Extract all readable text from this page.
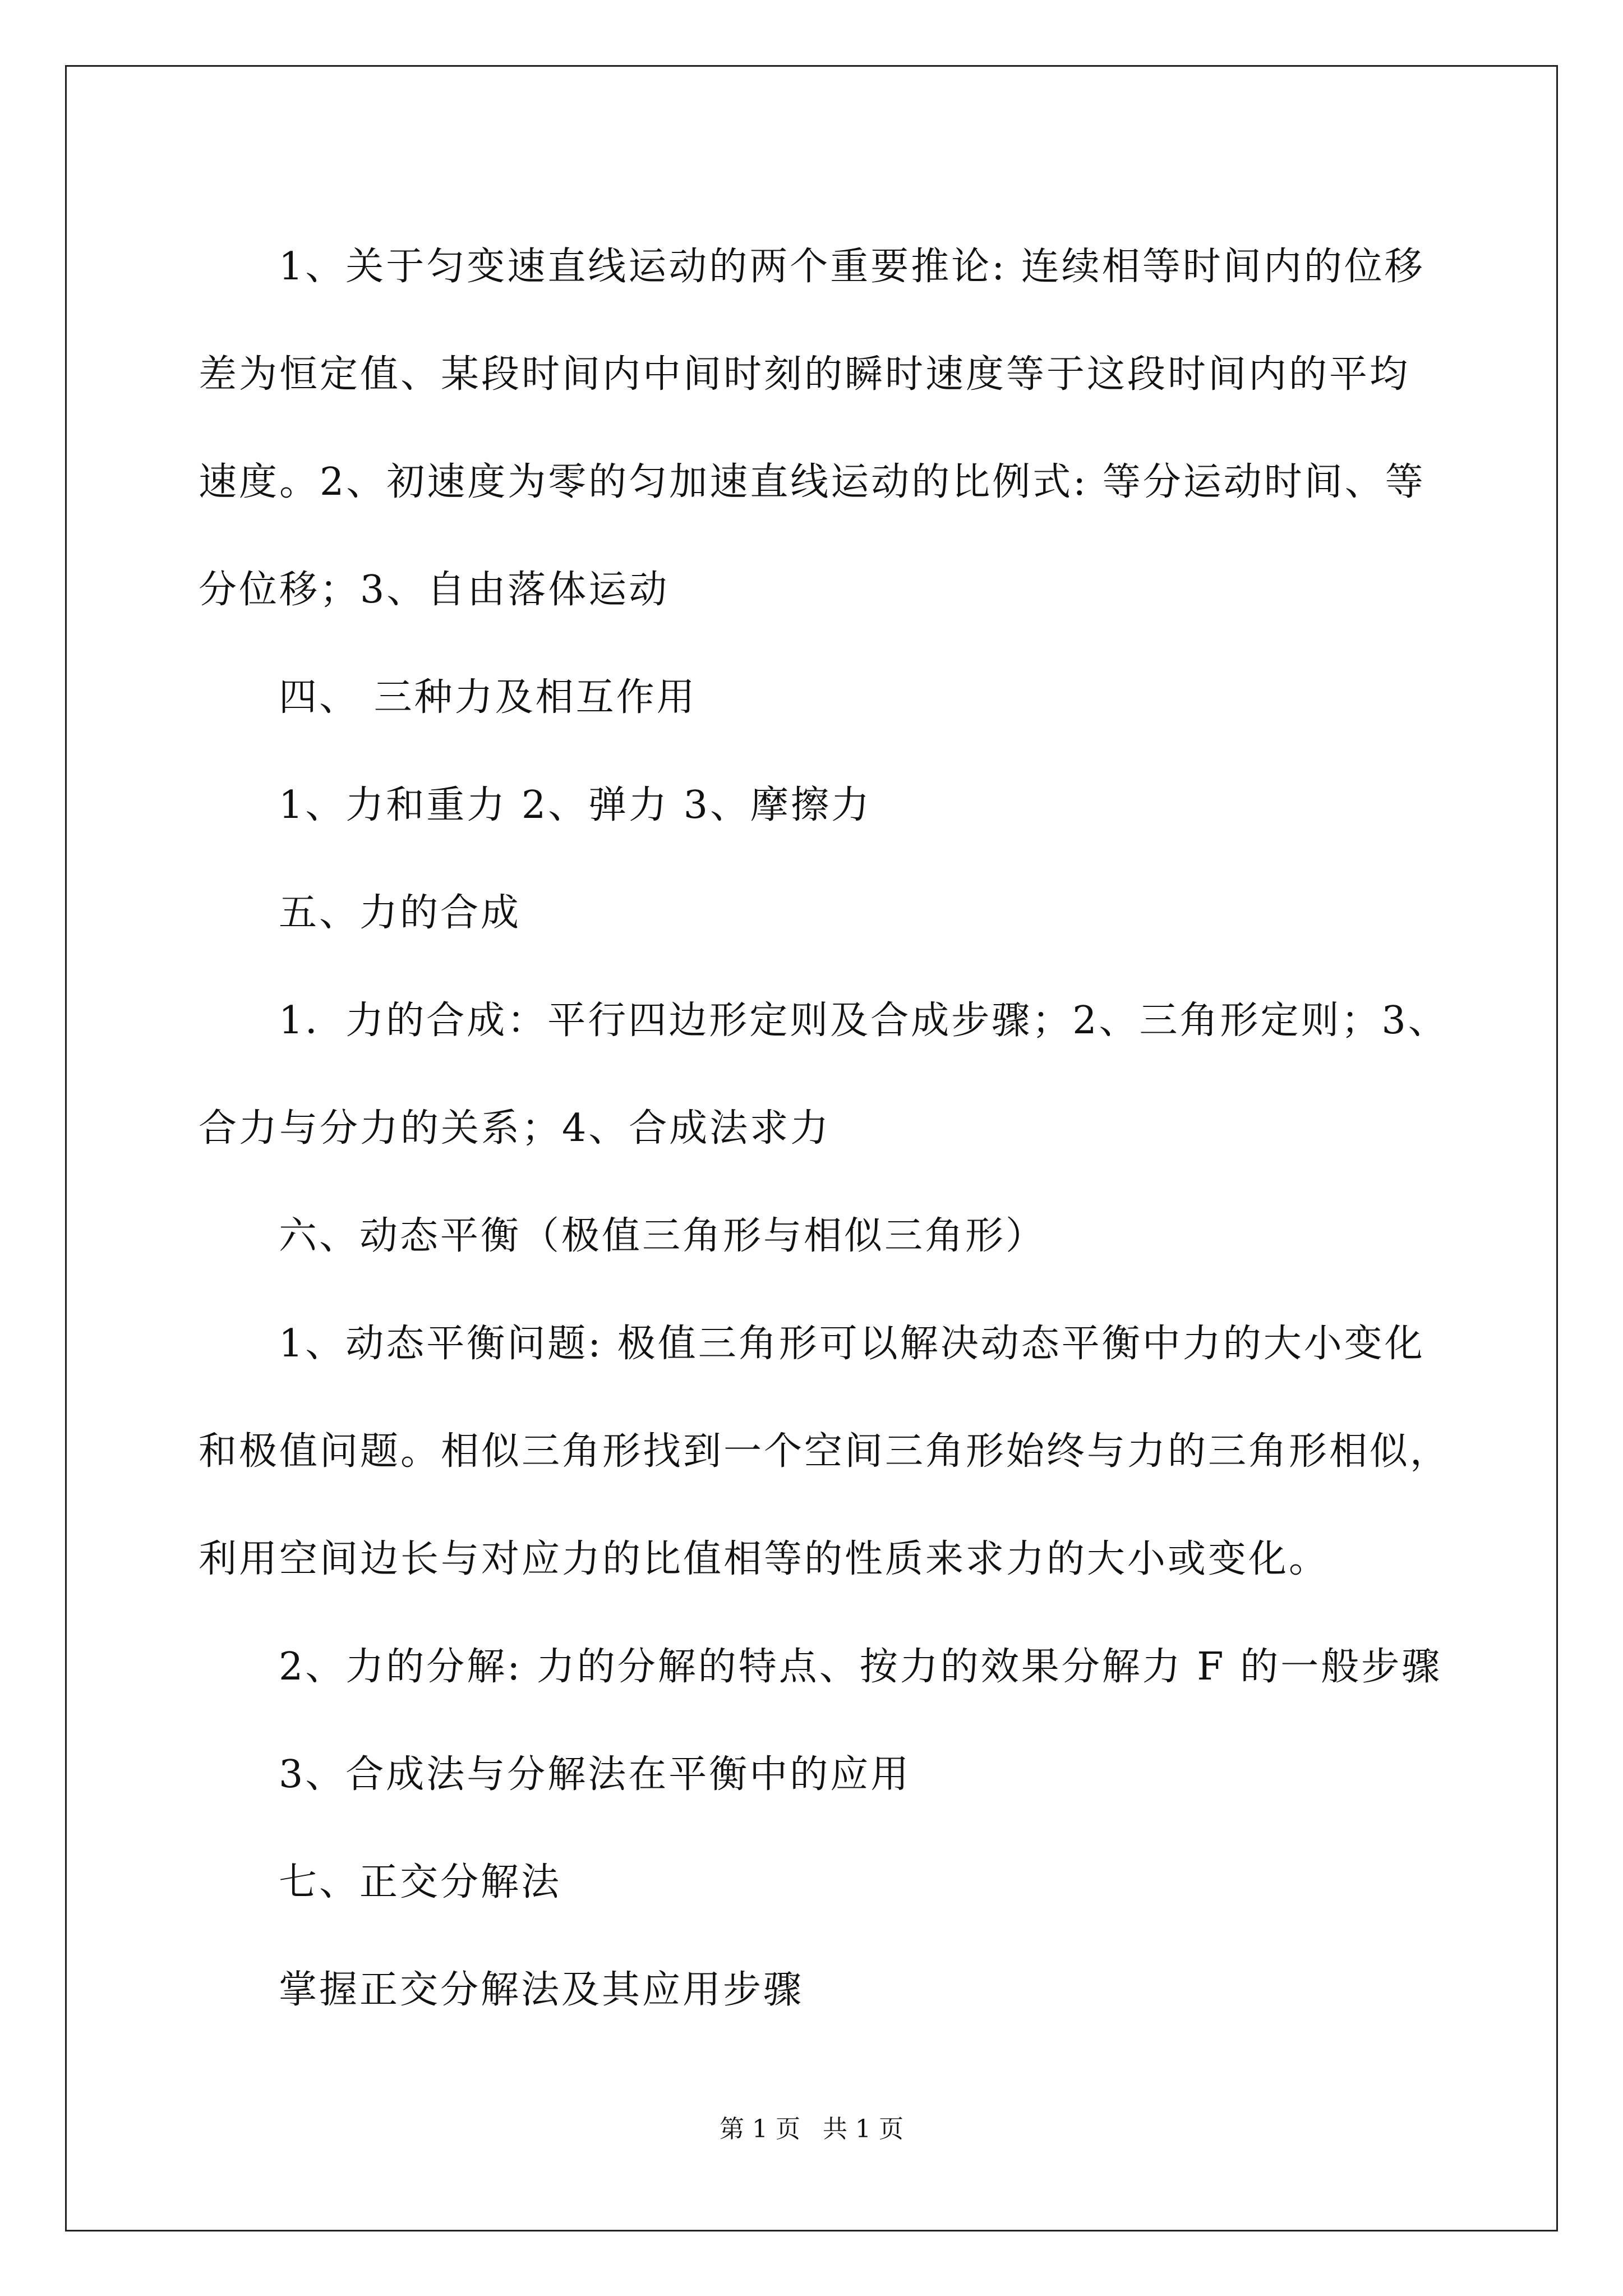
1、关于匀变速直线运动的两个重要推论: 连续相等时间内的位移

差为恒定值、某段时间内中间时刻的瞬时速度等于这段时间内的平均

速度。2、初速度为零的匀加速直线运动的比例式: 等分运动时间、等

分位移；3、自由落体运动

四、 三种力及相互作用

1、力和重力 2、弹力 3、摩擦力

五、力的合成

1．力的合成：平行四边形定则及合成步骤；2、三角形定则；3、

合力与分力的关系；4、合成法求力

六、动态平衡（极值三角形与相似三角形）

1、动态平衡问题: 极值三角形可以解决动态平衡中力的大小变化

和极值问题。相似三角形找到一个空间三角形始终与力的三角形相似，

利用空间边长与对应力的比值相等的性质来求力的大小或变化。

2、力的分解: 力的分解的特点、按力的效果分解力 F 的一般步骤

3、合成法与分解法在平衡中的应用

七、正交分解法

掌握正交分解法及其应用步骤

第 1 页 共 1 页
